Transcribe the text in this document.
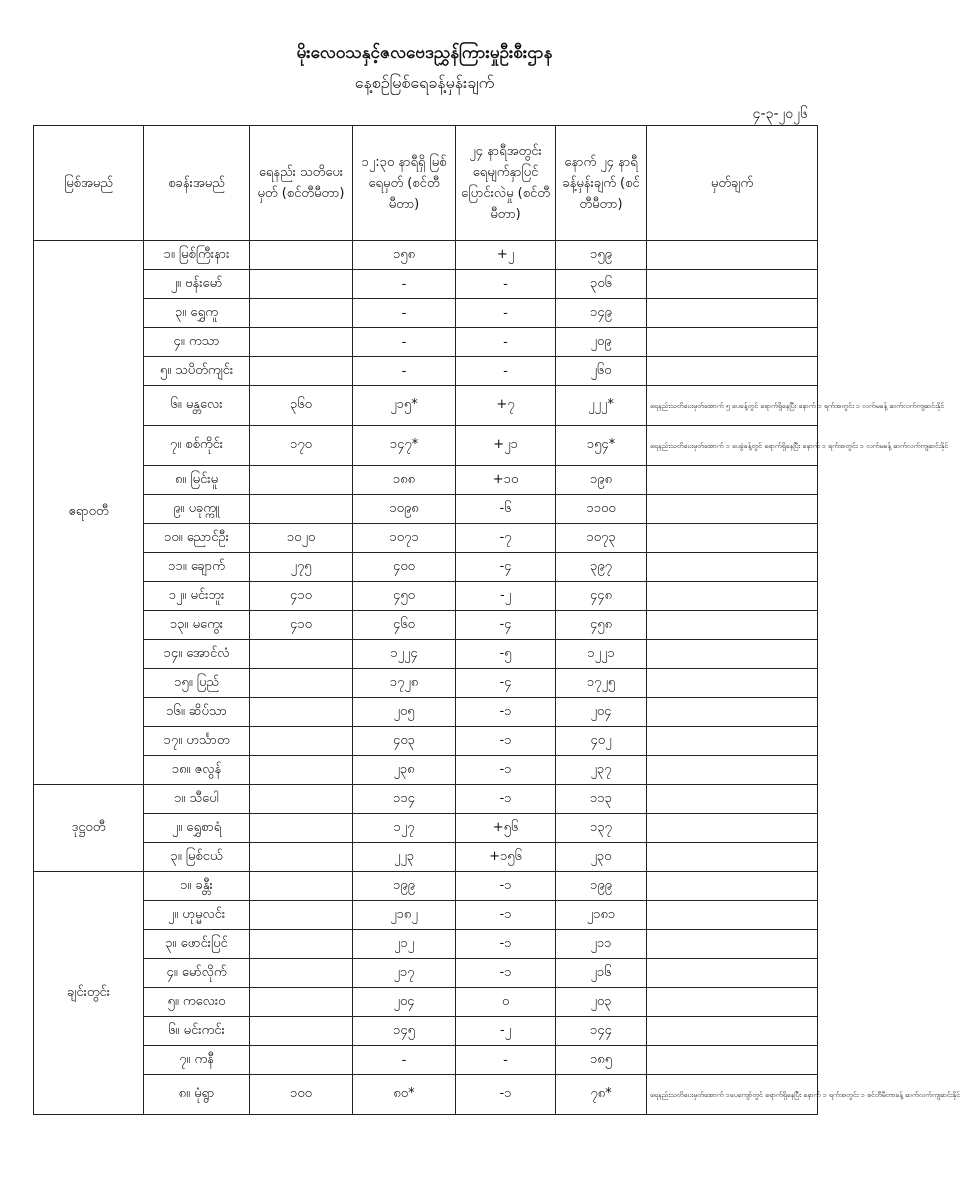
မိုးလေဝသနှင့်ဇလဗေဒညွှန်ကြားမှုဦးစီးဌာန
နေ့စဉ်မြစ်ရေခန့်မှန်းချက်
၄-၃-၂၀၂၆
မြစ်အမည်	စခန်းအမည်	ရေနည်း သတိပေးမှတ် (စင်တီမီတာ)	၁၂:၃၀ နာရီရှိ မြစ်ရေမှတ် (စင်တီမီတာ)	၂၄ နာရီအတွင်း ရေမျက်နှာပြင် ပြောင်းလဲမှု (စင်တီမီတာ)	နောက် ၂၄ နာရီ ခန့်မှန်းချက် (စင်တီမီတာ)	မှတ်ချက်
ဧရာဝတီ	၁။ မြစ်ကြီးနား		၁၅၈	+၂	၁၅၉	
	၂။ ဗန်းမော်		-	-	၃၀၆	
	၃။ ရွှေကူ		-	-	၁၄၉	
	၄။ ကသာ		-	-	၂၀၉	
	၅။ သပိတ်ကျင်း		-	-	၂၆၀	
	၆။ မန္တလေး	၃၆၀	၂၁၅*	+၇	၂၂၂*	ရေနည်းသတိပေးမှတ်အောက် ၅ ပေခန့်တွင် ရောက်ရှိနေပြီး နောက် ၁ ရက်အတွင်း ၁ လက်မခန့် ဆက်လက်ကျဆင်းနိုင်
	၇။ စစ်ကိုင်း	၁၇၀	၁၄၇*	+၂၁	၁၅၄*	ရေနည်းသတိပေးမှတ်အောက် ၁ ပေခွဲခန့်တွင် ရောက်ရှိနေပြီး နောက် ၁ ရက်အတွင်း ၁ လက်မခန့် ဆက်လက်ကျဆင်းနိုင်
	၈။ မြင်းမူ		၁၈၈	+၁၀	၁၉၈	
	၉။ ပခုက္ကူ		၁၀၉၈	-၆	၁၁၀၀	
	၁၀။ ညောင်ဦး	၁၀၂၀	၁၀၇၁	-၇	၁၀၇၃	
	၁၁။ ချောက်	၂၇၅	၄၀၀	-၄	၃၉၇	
	၁၂။ မင်းဘူး	၄၁၀	၄၅၀	-၂	၄၄၈	
	၁၃။ မကွေး	၄၁၀	၄၆၀	-၄	၄၅၈	
	၁၄။ အောင်လံ		၁၂၂၄	-၅	၁၂၂၁	
	၁၅။ ပြည်		၁၇၂၈	-၄	၁၇၂၅	
	၁၆။ ဆိပ်သာ		၂၀၅	-၁	၂၀၄	
	၁၇။ ဟင်္သာတ		၄၀၃	-၁	၄၀၂	
	၁၈။ ဇလွန်		၂၃၈	-၁	၂၃၇	
ဒုဋ္ဌဝတီ	၁။ သီပေါ		၁၁၄	-၁	၁၁၃	
	၂။ ရွှေစာရံ		၁၂၇	+၅၆	၁၃၇	
	၃။ မြစ်ငယ်		၂၂၃	+၁၅၆	၂၃၀	
ချင်းတွင်း	၁။ ခန္တီး		၁၉၉	-၁	၁၉၉	
	၂။ ဟုမ္မလင်း		၂၁၈၂	-၁	၂၁၈၁	
	၃။ ဖောင်းပြင်		၂၁၂	-၁	၂၁၁	
	၄။ မော်လိုက်		၂၁၇	-၁	၂၁၆	
	၅။ ကလေးဝ		၂၀၄	၀	၂၀၃	
	၆။ မင်းကင်း		၁၄၅	-၂	၁၄၄	
	၇။ ကနီ		-	-	၁၈၅	
	၈။ မုံရွာ	၁၀၀	၈၀*	-၁	၇၈*	ရေနည်းသတိပေးမှတ်အောက် ၁ပေကျော်တွင် ရောက်ရှိနေပြီး နောက် ၁ ရက်အတွင်း ၁ စင်တီမီတာခန့် ဆက်လက်ကျဆင်းနိုင်
